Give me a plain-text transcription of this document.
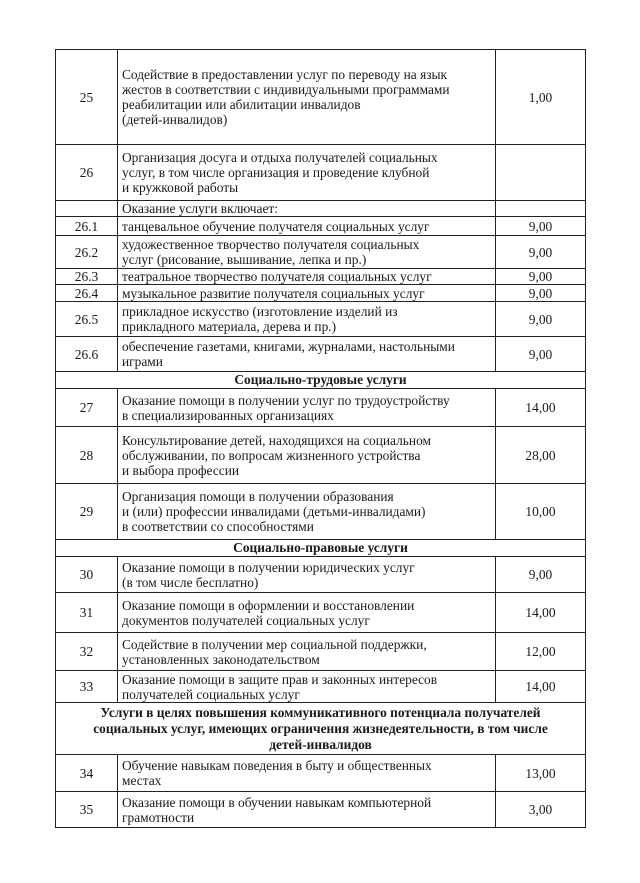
25	Содействие в предоставлении услуг по переводу на язык
жестов в соответствии с индивидуальными программами
реабилитации или абилитации инвалидов
(детей-инвалидов)	1,00
26	Организация досуга и отдыха получателей социальных
услуг, в том числе организация и проведение клубной
и кружковой работы	

	Оказание услуги включает:	

26.1	танцевальное обучение получателя социальных услуг	9,00
26.2	художественное творчество получателя социальных
услуг (рисование, вышивание, лепка и пр.)	9,00
26.3	театральное творчество получателя социальных услуг	9,00
26.4	музыкальное развитие получателя социальных услуг	9,00
26.5	прикладное искусство (изготовление изделий из
прикладного материала, дерева и пр.)	9,00
26.6	обеспечение газетами, книгами, журналами, настольными
играми	9,00

Социально-трудовые услуги		

27	Оказание помощи в получении услуг по трудоустройству
в специализированных организациях	14,00
28	Консультирование детей, находящихся на социальном
обслуживании, по вопросам жизненного устройства
и выбора профессии	28,00
29	Организация помощи в получении образования
и (или) профессии инвалидами (детьми-инвалидами)
в соответствии со способностями	10,00

Социально-правовые услуги		

30	Оказание помощи в получении юридических услуг
(в том числе бесплатно)	9,00
31	Оказание помощи в оформлении и восстановлении
документов получателей социальных услуг	14,00
32	Содействие в получении мер социальной поддержки,
установленных законодательством	12,00
33	Оказание помощи в защите прав и законных интересов
получателей социальных услуг	14,00

Услуги в целях повышения коммуникативного потенциала получателей
социальных услуг, имеющих ограничения жизнедеятельности, в том числе
детей-инвалидов		

34	Обучение навыкам поведения в быту и общественных
местах	13,00
35	Оказание помощи в обучении навыкам компьютерной
грамотности	3,00
